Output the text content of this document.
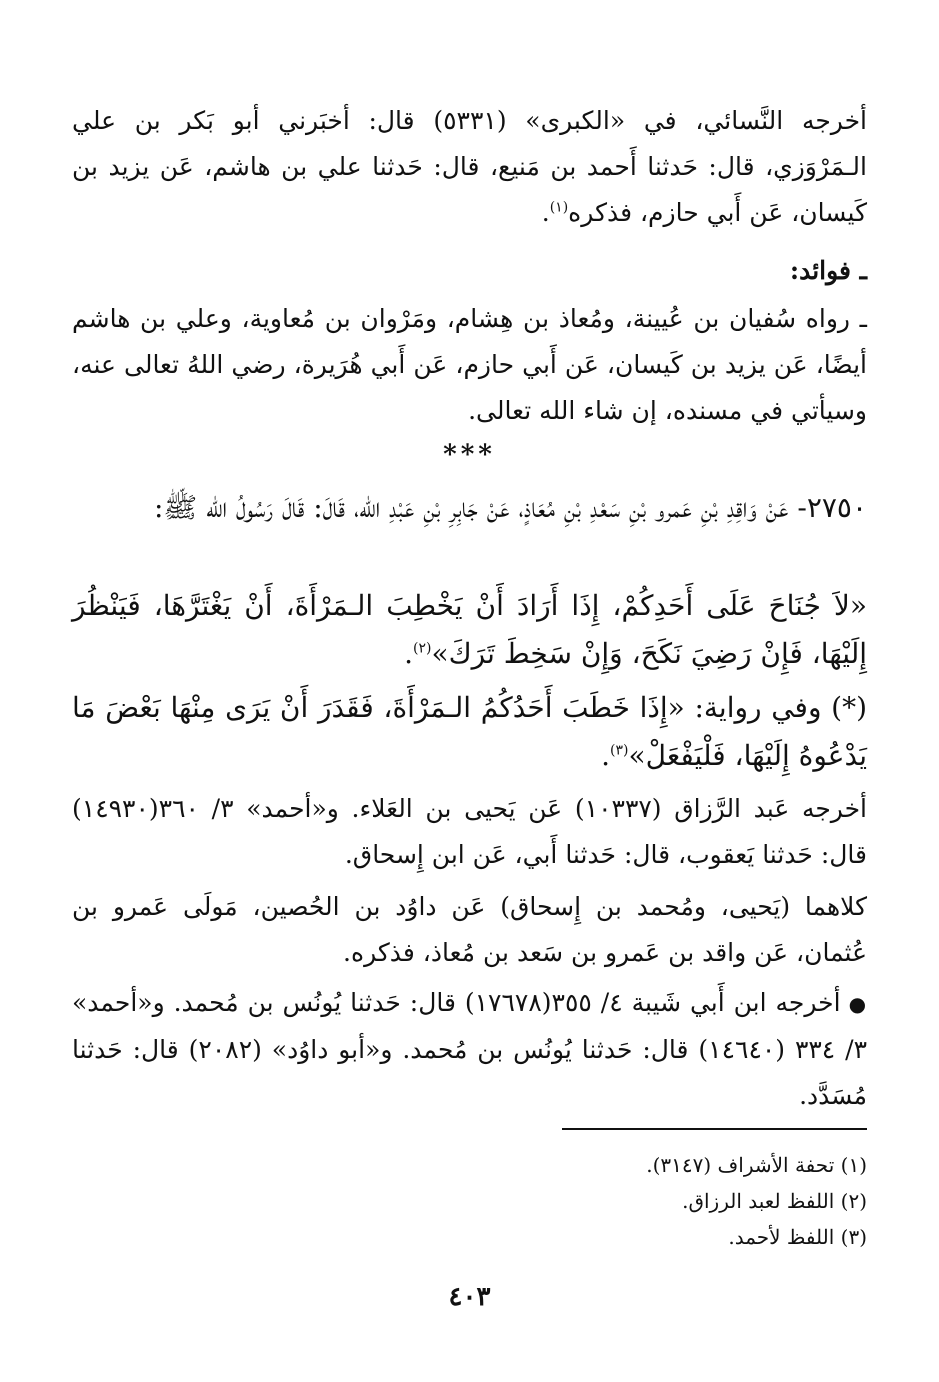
أخرجه النَّسائي، في «الكبرى» (٥٣٣١) قال: أخبَرني أبو بَكر بن علي الـمَرْوَزي، قال: حَدثنا أَحمد بن مَنيع، قال: حَدثنا علي بن هاشم، عَن يزيد بن كَيسان، عَن أَبي حازم، فذكره$^{(١)}$.

ـ فوائد:

ـ رواه سُفيان بن عُيينة، ومُعاذ بن هِشام، ومَرْوان بن مُعاوية، وعلي بن هاشم أيضًا، عَن يزيد بن كَيسان، عَن أَبي حازم، عَن أَبي هُرَيرة، رضي اللهُ تعالى عنه، وسيأتي في مسنده، إن شاء الله تعالى.

***

٢٧٥٠- عَنْ وَاقِدِ بْنِ عَمرو بْنِ سَعْدِ بْنِ مُعَاذٍ، عَنْ جَابِرِ بْنِ عَبْدِ الله، قَالَ: قَالَ رَسُولُ الله ﷺ:

«لاَ جُنَاحَ عَلَى أَحَدِكُمْ، إِذَا أَرَادَ أَنْ يَخْطِبَ الـمَرْأَةَ، أَنْ يَغْتَرَّهَا، فَيَنْظُرَ إِلَيْهَا، فَإِنْ رَضِيَ نَكَحَ، وَإِنْ سَخِطَ تَرَكَ»$^{(٢)}$.

(*) وفي رواية: «إِذَا خَطَبَ أَحَدُكُمُ الـمَرْأَةَ، فَقَدَرَ أَنْ يَرَى مِنْهَا بَعْضَ مَا يَدْعُوهُ إِلَيْهَا، فَلْيَفْعَلْ»$^{(٣)}$.

أخرجه عَبد الرَّزاق (١٠٣٣٧) عَن يَحيى بن العَلاء. و«أحمد» ٣/ ٣٦٠(١٤٩٣٠) قال: حَدثنا يَعقوب، قال: حَدثنا أَبي، عَن ابن إِسحاق.

كلاهما (يَحيى، ومُحمد بن إِسحاق) عَن داوُد بن الحُصين، مَولَى عَمرو بن عُثمان، عَن واقد بن عَمرو بن سَعد بن مُعاذ، فذكره.

●أخرجه ابن أَبي شَيبة ٤/ ٣٥٥(١٧٦٧٨) قال: حَدثنا يُونُس بن مُحمد. و«أحمد» ٣/ ٣٣٤ (١٤٦٤٠) قال: حَدثنا يُونُس بن مُحمد. و«أبو داوُد» (٢٠٨٢) قال: حَدثنا مُسَدَّد.

(١) تحفة الأشراف (٣١٤٧).
(٢) اللفظ لعبد الرزاق.
(٣) اللفظ لأحمد.
٤٠٣
